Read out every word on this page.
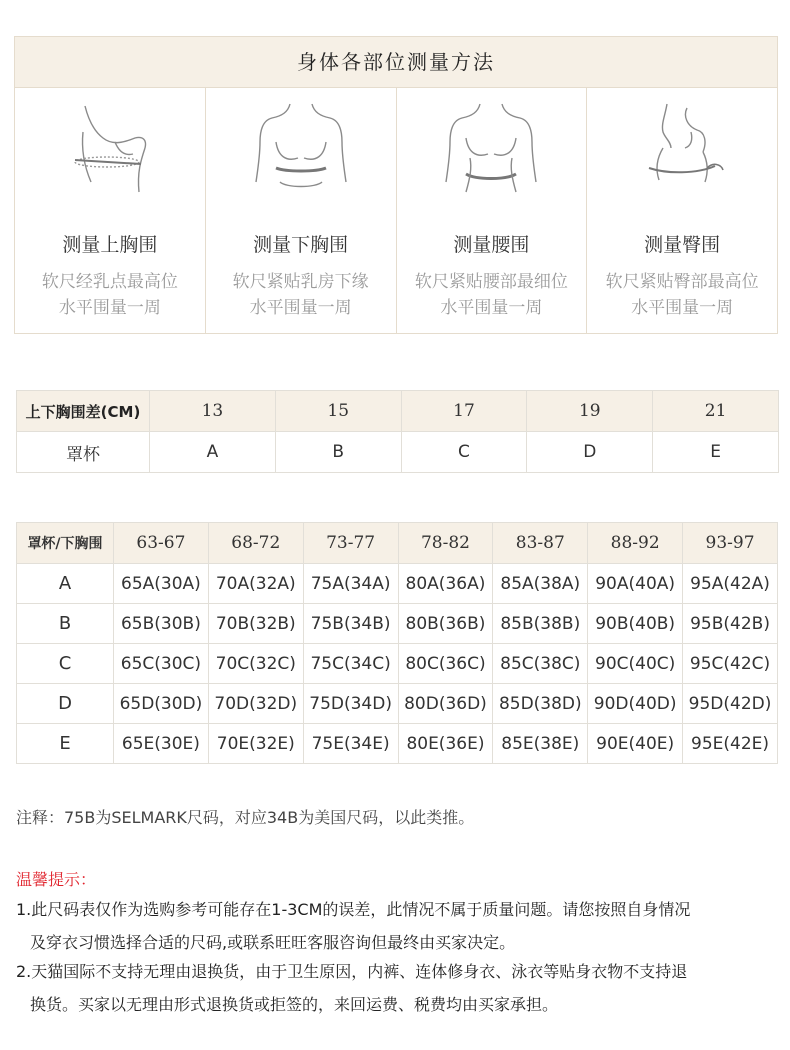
身体各部位测量方法
测量上胸围
软尺经乳点最高位
水平围量一周
测量下胸围
软尺紧贴乳房下缘
水平围量一周
测量腰围
软尺紧贴腰部最细位
水平围量一周
测量臀围
软尺紧贴臀部最高位
水平围量一周
上下胸围差(CM)	13	15	17	19	21
罩杯	A	B	C	D	E
罩杯/下胸围	63-67	68-72	73-77	78-82	83-87	88-92	93-97
A	65A(30A)	70A(32A)	75A(34A)	80A(36A)	85A(38A)	90A(40A)	95A(42A)
B	65B(30B)	70B(32B)	75B(34B)	80B(36B)	85B(38B)	90B(40B)	95B(42B)
C	65C(30C)	70C(32C)	75C(34C)	80C(36C)	85C(38C)	90C(40C)	95C(42C)
D	65D(30D)	70D(32D)	75D(34D)	80D(36D)	85D(38D)	90D(40D)	95D(42D)
E	65E(30E)	70E(32E)	75E(34E)	80E(36E)	85E(38E)	90E(40E)	95E(42E)
注释：75B为SELMARK尺码，对应34B为美国尺码，以此类推。
温馨提示：
1.此尺码表仅作为选购参考可能存在1-3CM的误差，此情况不属于质量问题。请您按照自身情况
及穿衣习惯选择合适的尺码,或联系旺旺客服咨询但最终由买家决定。
2.天猫国际不支持无理由退换货，由于卫生原因，内裤、连体修身衣、泳衣等贴身衣物不支持退
换货。买家以无理由形式退换货或拒签的，来回运费、税费均由买家承担。
